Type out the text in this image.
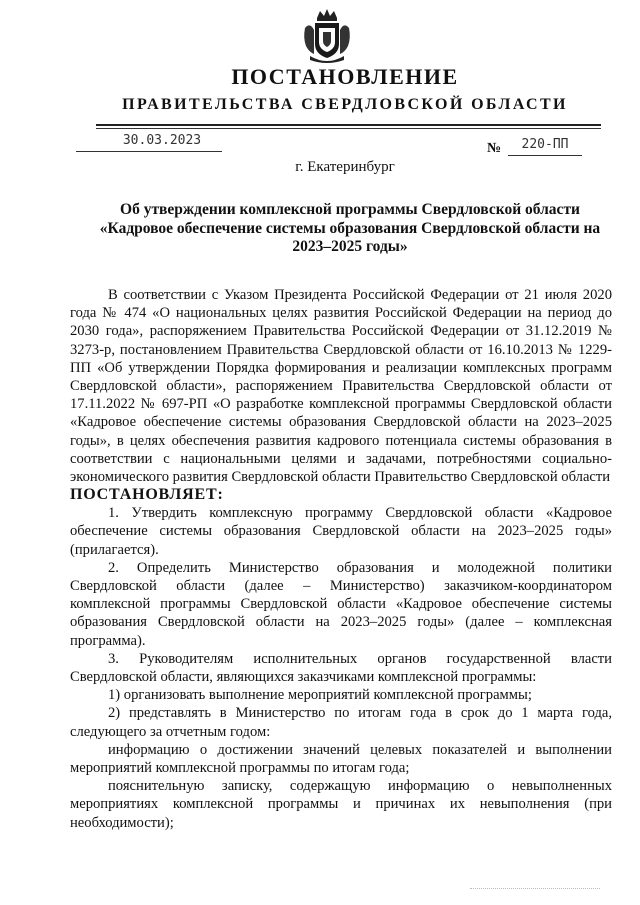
ПОСТАНОВЛЕНИЕ
ПРАВИТЕЛЬСТВА СВЕРДЛОВСКОЙ ОБЛАСТИ
30.03.2023
№	220-ПП
г. Екатеринбург
Об утверждении комплексной программы Свердловской области «Кадровое обеспечение системы образования Свердловской области на 2023–2025 годы»

В соответствии с Указом Президента Российской Федерации от 21 июля 2020 года № 474 «О национальных целях развития Российской Федерации на период до 2030 года», распоряжением Правительства Российской Федерации от 31.12.2019 № 3273-р, постановлением Правительства Свердловской области от 16.10.2013 № 1229-ПП «Об утверждении Порядка формирования и реализации комплексных программ Свердловской области», распоряжением Правительства Свердловской области от 17.11.2022 № 697-РП «О разработке комплексной программы Свердловской области «Кадровое обеспечение системы образования Свердловской области на 2023–2025 годы», в целях обеспечения развития кадрового потенциала системы образования в соответствии с национальными целями и задачами, потребностями социально-экономического развития Свердловской области Правительство Свердловской области

ПОСТАНОВЛЯЕТ:

1. Утвердить комплексную программу Свердловской области «Кадровое обеспечение системы образования Свердловской области на 2023–2025 годы» (прилагается).

2. Определить Министерство образования и молодежной политики Свердловской области (далее – Министерство) заказчиком-координатором комплексной программы Свердловской области «Кадровое обеспечение системы образования Свердловской области на 2023–2025 годы» (далее – комплексная программа).

3. Руководителям исполнительных органов государственной власти Свердловской области, являющихся заказчиками комплексной программы:

1) организовать выполнение мероприятий комплексной программы;

2) представлять в Министерство по итогам года в срок до 1 марта года, следующего за отчетным годом:

информацию о достижении значений целевых показателей и выполнении мероприятий комплексной программы по итогам года;

пояснительную записку, содержащую информацию о невыполненных мероприятиях комплексной программы и причинах их невыполнения (при необходимости);
